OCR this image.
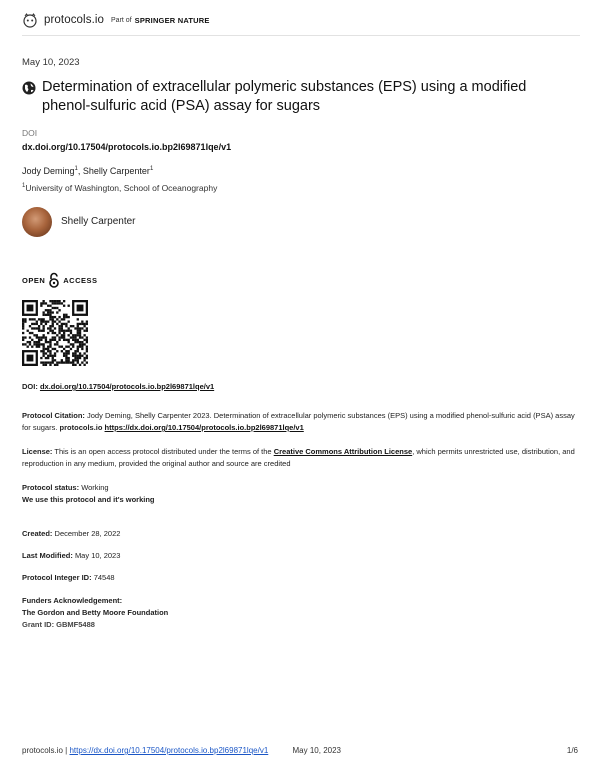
protocols.io Part of SPRINGER NATURE
May 10, 2023
Determination of extracellular polymeric substances (EPS) using a modified phenol-sulfuric acid (PSA) assay for sugars
DOI
dx.doi.org/10.17504/protocols.io.bp2l69871lqe/v1
Jody Deming$^1$, Shelly Carpenter$^1$
$^1$University of Washington, School of Oceanography
Shelly Carpenter
OPEN ACCESS
DOI: dx.doi.org/10.17504/protocols.io.bp2l69871lqe/v1
Protocol Citation: Jody Deming, Shelly Carpenter 2023. Determination of extracellular polymeric substances (EPS) using a modified phenol-sulfuric acid (PSA) assay for sugars. protocols.io https://dx.doi.org/10.17504/protocols.io.bp2l69871lqe/v1
License: This is an open access protocol distributed under the terms of the Creative Commons Attribution License, which permits unrestricted use, distribution, and reproduction in any medium, provided the original author and source are credited
Protocol status: Working
We use this protocol and it's working
Created: December 28, 2022
Last Modified: May 10, 2023
Protocol Integer ID: 74548
Funders Acknowledgement:
The Gordon and Betty Moore Foundation
Grant ID: GBMF5488
protocols.io | https://dx.doi.org/10.17504/protocols.io.bp2l69871lqe/v1	May 10, 2023	1/6
